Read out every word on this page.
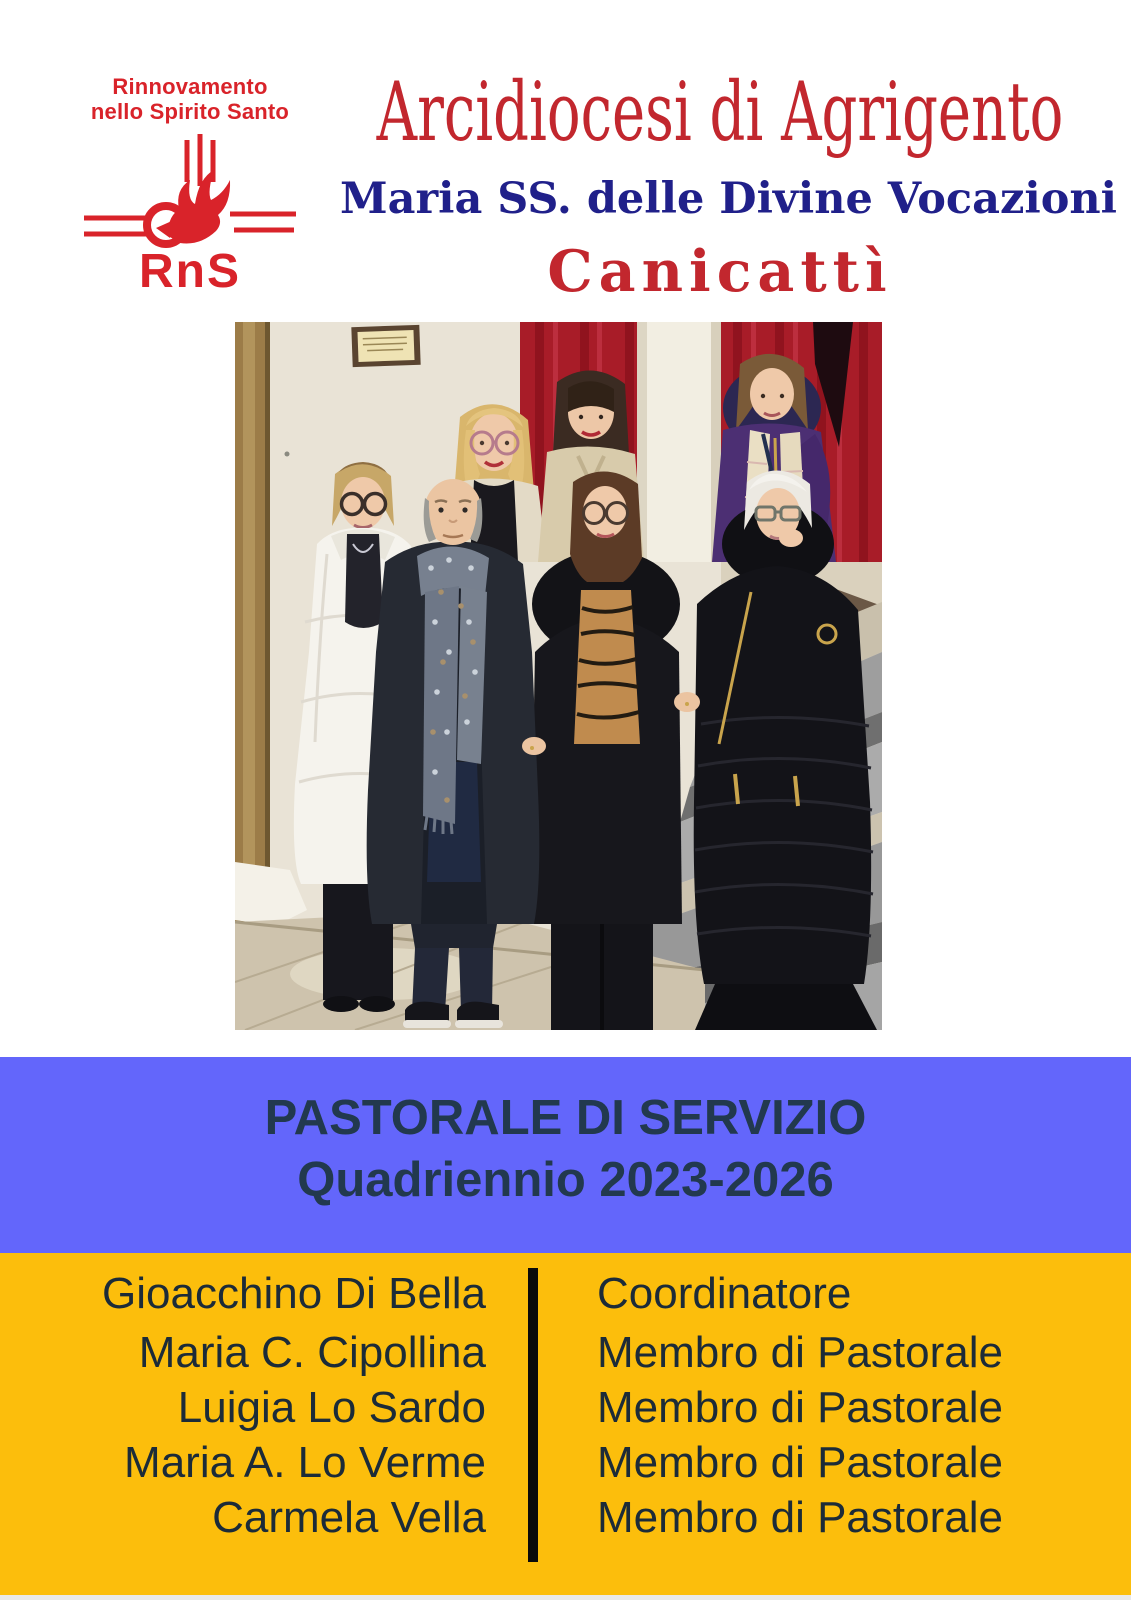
Rinnovamento
nello Spirito Santo
RnS
Arcidiocesi di Agrigento
Maria SS. delle Divine Vocazioni
Canicattì
PASTORALE DI SERVIZIO
Quadriennio 2023-2026
Gioacchino Di Bella
Maria C. Cipollina
Luigia Lo Sardo
Maria A. Lo Verme
Carmela Vella
Coordinatore
Membro di Pastorale
Membro di Pastorale
Membro di Pastorale
Membro di Pastorale
